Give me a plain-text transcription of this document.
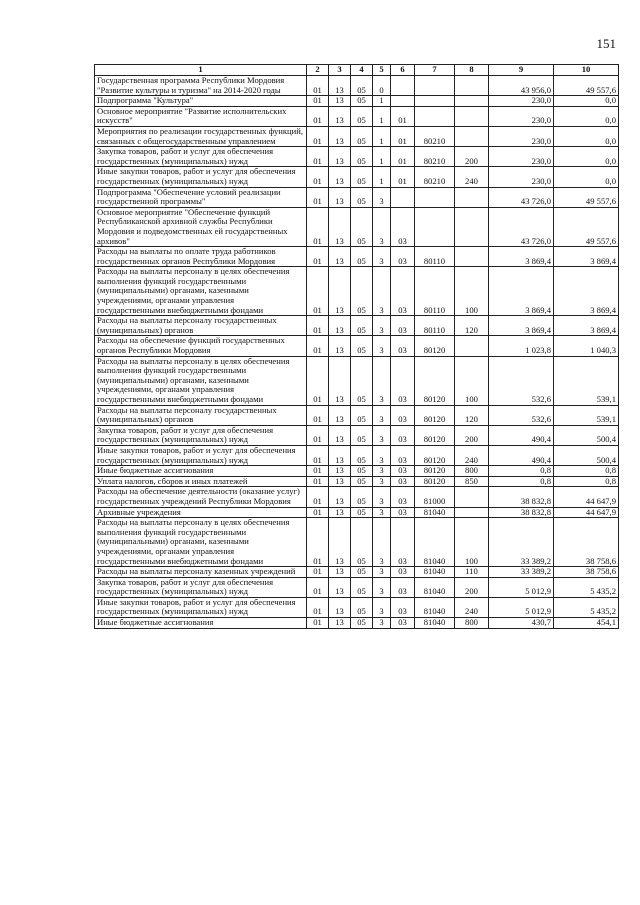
151
1	2	3	4	5	6	7	8	9	10
Государственная программа Республики Мордовия "Развитие культуры и туризма" на 2014-2020 годы	01	13	05	0				43 956,0	49 557,6
Подпрограмма "Культура"	01	13	05	1				230,0	0,0
Основное мероприятие "Развитие исполнительских искусств"	01	13	05	1	01			230,0	0,0
Мероприятия по реализации государственных функций, связанных с общегосударственным управлением	01	13	05	1	01	80210		230,0	0,0
Закупка товаров, работ и услуг для обеспечения государственных (муниципальных) нужд	01	13	05	1	01	80210	200	230,0	0,0
Иные закупки товаров, работ и услуг для обеспечения государственных (муниципальных) нужд	01	13	05	1	01	80210	240	230,0	0,0
Подпрограмма "Обеспечение условий реализации государственной программы"	01	13	05	3				43 726,0	49 557,6
Основное мероприятие "Обеспечение функций Республиканской архивной службы Республики Мордовия и подведомственных ей государственных архивов"	01	13	05	3	03			43 726,0	49 557,6
Расходы на выплаты по оплате труда работников государственных органов Республики Мордовия	01	13	05	3	03	80110		3 869,4	3 869,4
Расходы на выплаты персоналу в целях обеспечения выполнения функций государственными (муниципальными) органами, казенными учреждениями, органами управления государственными внебюджетными фондами	01	13	05	3	03	80110	100	3 869,4	3 869,4
Расходы на выплаты персоналу государственных (муниципальных) органов	01	13	05	3	03	80110	120	3 869,4	3 869,4
Расходы на обеспечение функций государственных органов Республики Мордовия	01	13	05	3	03	80120		1 023,8	1 040,3
Расходы на выплаты персоналу в целях обеспечения выполнения функций государственными (муниципальными) органами, казенными учреждениями, органами управления государственными внебюджетными фондами	01	13	05	3	03	80120	100	532,6	539,1
Расходы на выплаты персоналу государственных (муниципальных) органов	01	13	05	3	03	80120	120	532,6	539,1
Закупка товаров, работ и услуг для обеспечения государственных (муниципальных) нужд	01	13	05	3	03	80120	200	490,4	500,4
Иные закупки товаров, работ и услуг для обеспечения государственных (муниципальных) нужд	01	13	05	3	03	80120	240	490,4	500,4
Иные бюджетные ассигнования	01	13	05	3	03	80120	800	0,8	0,8
Уплата налогов, сборов и иных платежей	01	13	05	3	03	80120	850	0,8	0,8
Расходы на обеспечение деятельности (оказание услуг) государственных учреждений Республики Мордовия	01	13	05	3	03	81000		38 832,8	44 647,9
Архивные учреждения	01	13	05	3	03	81040		38 832,8	44 647,9
Расходы на выплаты персоналу в целях обеспечения выполнения функций государственными (муниципальными) органами, казенными учреждениями, органами управления государственными внебюджетными фондами	01	13	05	3	03	81040	100	33 389,2	38 758,6
Расходы на выплаты персоналу казенных учреждений	01	13	05	3	03	81040	110	33 389,2	38 758,6
Закупка товаров, работ и услуг для обеспечения государственных (муниципальных) нужд	01	13	05	3	03	81040	200	5 012,9	5 435,2
Иные закупки товаров, работ и услуг для обеспечения государственных (муниципальных) нужд	01	13	05	3	03	81040	240	5 012,9	5 435,2
Иные бюджетные ассигнования	01	13	05	3	03	81040	800	430,7	454,1
